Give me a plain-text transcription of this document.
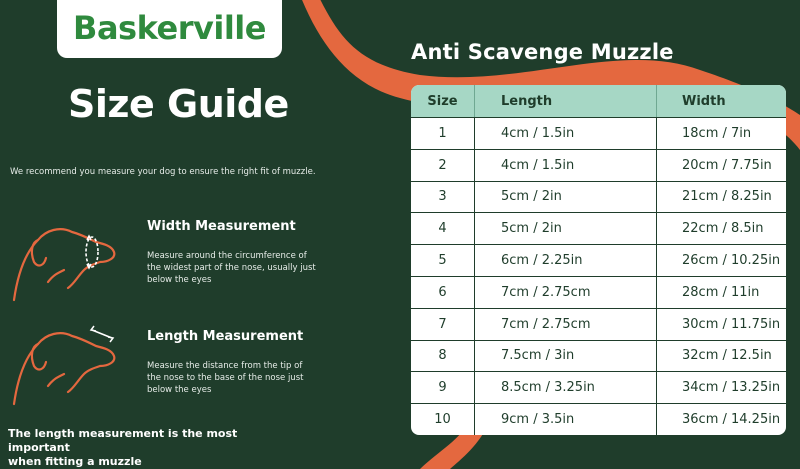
Baskerville
Size Guide
We recommend you measure your dog to ensure the right fit of muzzle.
Width Measurement
Measure around the circumference of
the widest part of the nose, usually just
below the eyes
Length Measurement
Measure the distance from the tip of
the nose to the base of the nose just
below the eyes
The length measurement is the most important
when fitting a muzzle
Anti Scavenge Muzzle
Size	Length	Width
1	4cm / 1.5in	18cm / 7in
2	4cm / 1.5in	20cm / 7.75in
3	5cm / 2in	21cm / 8.25in
4	5cm / 2in	22cm / 8.5in
5	6cm / 2.25in	26cm / 10.25in
6	7cm / 2.75cm	28cm / 11in
7	7cm / 2.75cm	30cm / 11.75in
8	7.5cm / 3in	32cm / 12.5in
9	8.5cm / 3.25in	34cm / 13.25in
10	9cm / 3.5in	36cm / 14.25in
